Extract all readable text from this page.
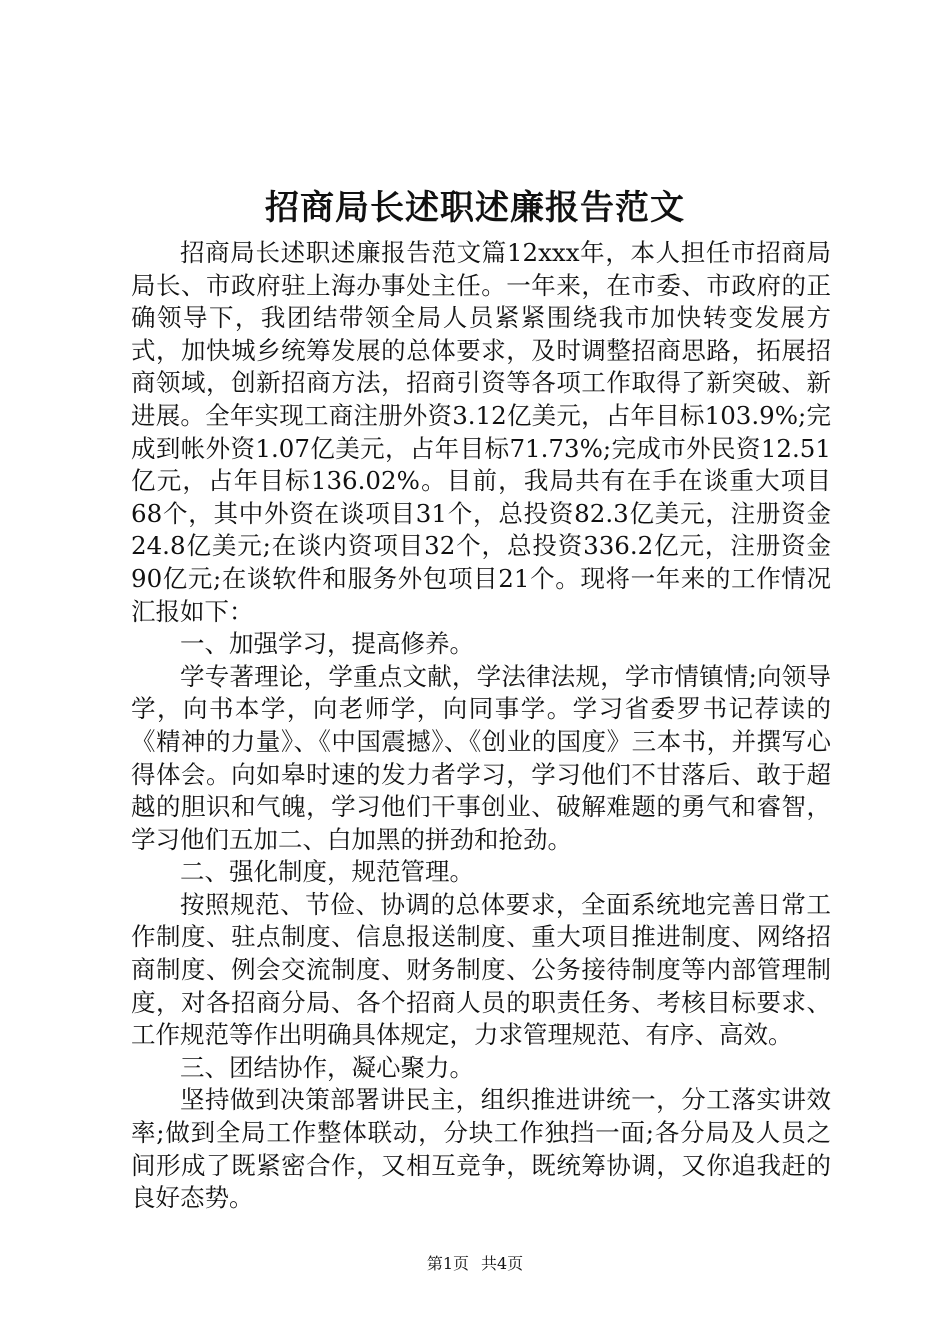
招商局长述职述廉报告范文

招商局长述职述廉报告范文篇12xxx年，本人担任市招商局局长、市政府驻上海办事处主任。一年来，在市委、市政府的正确领导下，我团结带领全局人员紧紧围绕我市加快转变发展方式，加快城乡统筹发展的总体要求，及时调整招商思路，拓展招商领域，创新招商方法，招商引资等各项工作取得了新突破、新进展。全年实现工商注册外资3.12亿美元，占年目标103.9%;完成到帐外资1.07亿美元，占年目标71.73%;完成市外民资12.51亿元，占年目标136.02%。目前，我局共有在手在谈重大项目68个，其中外资在谈项目31个，总投资82.3亿美元，注册资金24.8亿美元;在谈内资项目32个，总投资336.2亿元，注册资金90亿元;在谈软件和服务外包项目21个。现将一年来的工作情况汇报如下：

一、加强学习，提高修养。

学专著理论，学重点文献，学法律法规，学市情镇情;向领导学，向书本学，向老师学，向同事学。学习省委罗书记荐读的《精神的力量》、《中国震撼》、《创业的国度》三本书，并撰写心得体会。向如皋时速的发力者学习，学习他们不甘落后、敢于超越的胆识和气魄，学习他们干事创业、破解难题的勇气和睿智，学习他们五加二、白加黑的拼劲和抢劲。

二、强化制度，规范管理。

按照规范、节俭、协调的总体要求，全面系统地完善日常工作制度、驻点制度、信息报送制度、重大项目推进制度、网络招商制度、例会交流制度、财务制度、公务接待制度等内部管理制度，对各招商分局、各个招商人员的职责任务、考核目标要求、工作规范等作出明确具体规定，力求管理规范、有序、高效。

三、团结协作，凝心聚力。

坚持做到决策部署讲民主，组织推进讲统一，分工落实讲效率;做到全局工作整体联动，分块工作独挡一面;各分局及人员之间形成了既紧密合作，又相互竞争，既统筹协调，又你追我赶的良好态势。

第1页 共4页
